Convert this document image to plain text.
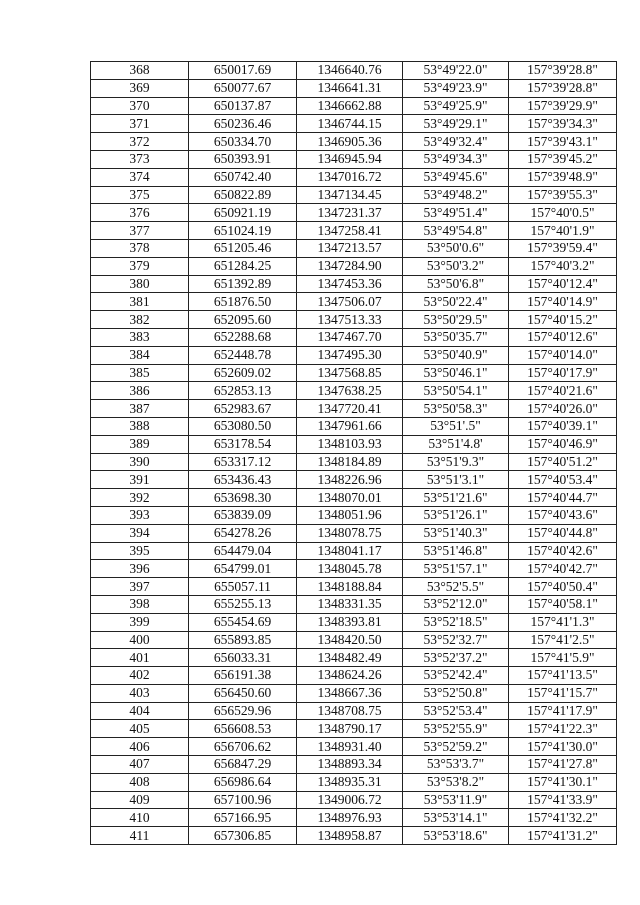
368	650017.69	1346640.76	53°49'22.0"	157°39'28.8"
369	650077.67	1346641.31	53°49'23.9"	157°39'28.8"
370	650137.87	1346662.88	53°49'25.9"	157°39'29.9"
371	650236.46	1346744.15	53°49'29.1"	157°39'34.3"
372	650334.70	1346905.36	53°49'32.4"	157°39'43.1"
373	650393.91	1346945.94	53°49'34.3"	157°39'45.2"
374	650742.40	1347016.72	53°49'45.6"	157°39'48.9"
375	650822.89	1347134.45	53°49'48.2"	157°39'55.3"
376	650921.19	1347231.37	53°49'51.4"	157°40'0.5"
377	651024.19	1347258.41	53°49'54.8"	157°40'1.9"
378	651205.46	1347213.57	53°50'0.6"	157°39'59.4"
379	651284.25	1347284.90	53°50'3.2"	157°40'3.2"
380	651392.89	1347453.36	53°50'6.8"	157°40'12.4"
381	651876.50	1347506.07	53°50'22.4"	157°40'14.9"
382	652095.60	1347513.33	53°50'29.5"	157°40'15.2"
383	652288.68	1347467.70	53°50'35.7"	157°40'12.6"
384	652448.78	1347495.30	53°50'40.9"	157°40'14.0"
385	652609.02	1347568.85	53°50'46.1"	157°40'17.9"
386	652853.13	1347638.25	53°50'54.1"	157°40'21.6"
387	652983.67	1347720.41	53°50'58.3"	157°40'26.0"
388	653080.50	1347961.66	53°51'.5"	157°40'39.1"
389	653178.54	1348103.93	53°51'4.8'	157°40'46.9"
390	653317.12	1348184.89	53°51'9.3"	157°40'51.2"
391	653436.43	1348226.96	53°51'3.1"	157°40'53.4"
392	653698.30	1348070.01	53°51'21.6"	157°40'44.7"
393	653839.09	1348051.96	53°51'26.1"	157°40'43.6"
394	654278.26	1348078.75	53°51'40.3"	157°40'44.8"
395	654479.04	1348041.17	53°51'46.8"	157°40'42.6"
396	654799.01	1348045.78	53°51'57.1"	157°40'42.7"
397	655057.11	1348188.84	53°52'5.5"	157°40'50.4"
398	655255.13	1348331.35	53°52'12.0"	157°40'58.1"
399	655454.69	1348393.81	53°52'18.5"	157°41'1.3"
400	655893.85	1348420.50	53°52'32.7"	157°41'2.5"
401	656033.31	1348482.49	53°52'37.2"	157°41'5.9"
402	656191.38	1348624.26	53°52'42.4"	157°41'13.5"
403	656450.60	1348667.36	53°52'50.8"	157°41'15.7"
404	656529.96	1348708.75	53°52'53.4"	157°41'17.9"
405	656608.53	1348790.17	53°52'55.9"	157°41'22.3"
406	656706.62	1348931.40	53°52'59.2"	157°41'30.0"
407	656847.29	1348893.34	53°53'3.7"	157°41'27.8"
408	656986.64	1348935.31	53°53'8.2"	157°41'30.1"
409	657100.96	1349006.72	53°53'11.9"	157°41'33.9"
410	657166.95	1348976.93	53°53'14.1"	157°41'32.2"
411	657306.85	1348958.87	53°53'18.6"	157°41'31.2"
